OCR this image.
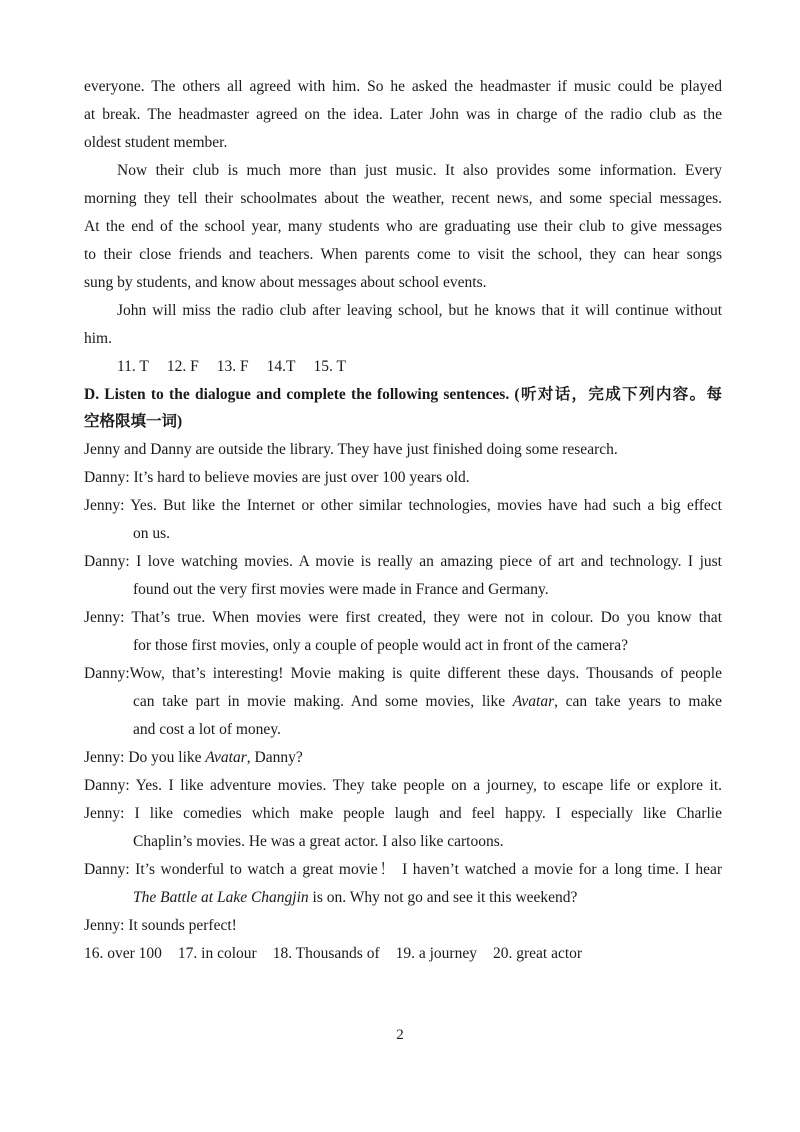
everyone. The others all agreed with him. So he asked the headmaster if music could be played
at break. The headmaster agreed on the idea. Later John was in charge of the radio club as the
oldest student member.
Now their club is much more than just music. It also provides some information. Every
morning they tell their schoolmates about the weather, recent news, and some special messages.
At the end of the school year, many students who are graduating use their club to give messages
to their close friends and teachers. When parents come to visit the school, they can hear songs
sung by students, and know about messages about school events.
John will miss the radio club after leaving school, but he knows that it will continue without
him.
11. T 12. F 13. F 14.T 15. T
D. Listen to the dialogue and complete the following sentences. (听对话，完成下列内容。每
空格限填一词)
Jenny and Danny are outside the library. They have just finished doing some research.
Danny: It’s hard to believe movies are just over 100 years old.
Jenny: Yes. But like the Internet or other similar technologies, movies have had such a big effect
on us.
Danny: I love watching movies. A movie is really an amazing piece of art and technology. I just
found out the very first movies were made in France and Germany.
Jenny: That’s true. When movies were first created, they were not in colour. Do you know that
for those first movies, only a couple of people would act in front of the camera?
Danny:Wow, that’s interesting! Movie making is quite different these days. Thousands of people
can take part in movie making. And some movies, like Avatar, can take years to make
and cost a lot of money.
Jenny: Do you like Avatar, Danny?
Danny: Yes. I like adventure movies. They take people on a journey, to escape life or explore it.
Jenny: I like comedies which make people laugh and feel happy. I especially like Charlie
Chaplin’s movies. He was a great actor. I also like cartoons.
Danny: It’s wonderful to watch a great movie！ I haven’t watched a movie for a long time. I hear
The Battle at Lake Changjin is on. Why not go and see it this weekend?
Jenny: It sounds perfect!
16. over 100 17. in colour 18. Thousands of 19. a journey 20. great actor
2
